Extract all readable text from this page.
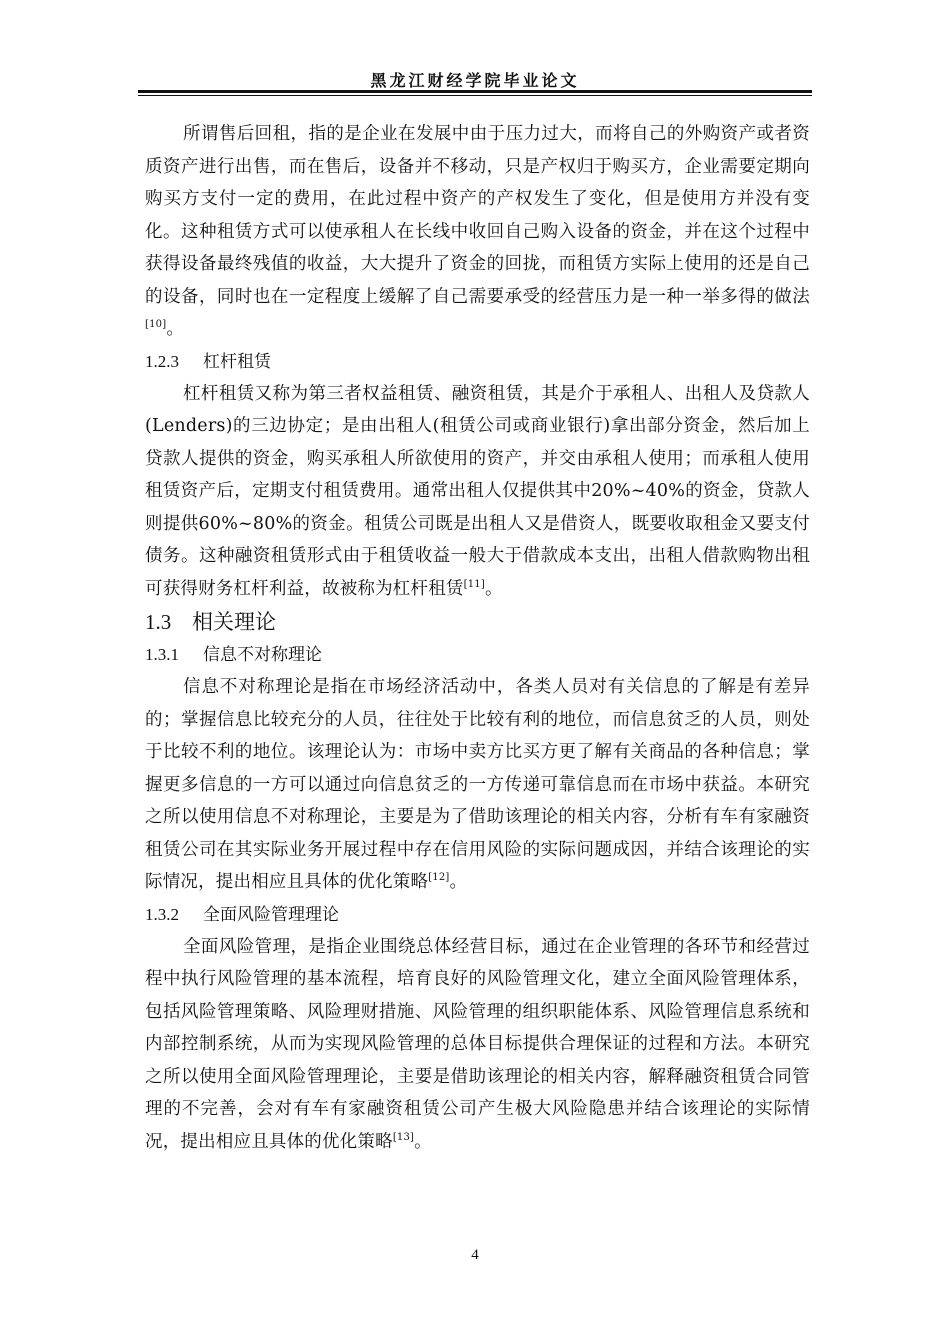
黑龙江财经学院毕业论文

所谓售后回租，指的是企业在发展中由于压力过大，而将自己的外购资产或者资质资产进行出售，而在售后，设备并不移动，只是产权归于购买方，企业需要定期向购买方支付一定的费用，在此过程中资产的产权发生了变化，但是使用方并没有变化。这种租赁方式可以使承租人在长线中收回自己购入设备的资金，并在这个过程中获得设备最终残值的收益，大大提升了资金的回拢，而租赁方实际上使用的还是自己的设备，同时也在一定程度上缓解了自己需要承受的经营压力是一种一举多得的做法[10]。

1.2.3 杠杆租赁

杠杆租赁又称为第三者权益租赁、融资租赁，其是介于承租人、出租人及贷款人(Lenders)的三边协定；是由出租人(租赁公司或商业银行)拿出部分资金，然后加上贷款人提供的资金，购买承租人所欲使用的资产，并交由承租人使用；而承租人使用租赁资产后，定期支付租赁费用。通常出租人仅提供其中20%~40%的资金，贷款人则提供60%~80%的资金。租赁公司既是出租人又是借资人，既要收取租金又要支付债务。这种融资租赁形式由于租赁收益一般大于借款成本支出，出租人借款购物出租可获得财务杠杆利益，故被称为杠杆租赁[11]。

1.3 相关理论
1.3.1 信息不对称理论

信息不对称理论是指在市场经济活动中，各类人员对有关信息的了解是有差异的；掌握信息比较充分的人员，往往处于比较有利的地位，而信息贫乏的人员，则处于比较不利的地位。该理论认为：市场中卖方比买方更了解有关商品的各种信息；掌握更多信息的一方可以通过向信息贫乏的一方传递可靠信息而在市场中获益。本研究之所以使用信息不对称理论，主要是为了借助该理论的相关内容，分析有车有家融资租赁公司在其实际业务开展过程中存在信用风险的实际问题成因，并结合该理论的实际情况，提出相应且具体的优化策略[12]。

1.3.2 全面风险管理理论

全面风险管理，是指企业围绕总体经营目标，通过在企业管理的各环节和经营过程中执行风险管理的基本流程，培育良好的风险管理文化，建立全面风险管理体系，包括风险管理策略、风险理财措施、风险管理的组织职能体系、风险管理信息系统和内部控制系统，从而为实现风险管理的总体目标提供合理保证的过程和方法。本研究之所以使用全面风险管理理论，主要是借助该理论的相关内容，解释融资租赁合同管理的不完善，会对有车有家融资租赁公司产生极大风险隐患并结合该理论的实际情况，提出相应且具体的优化策略[13]。

4
